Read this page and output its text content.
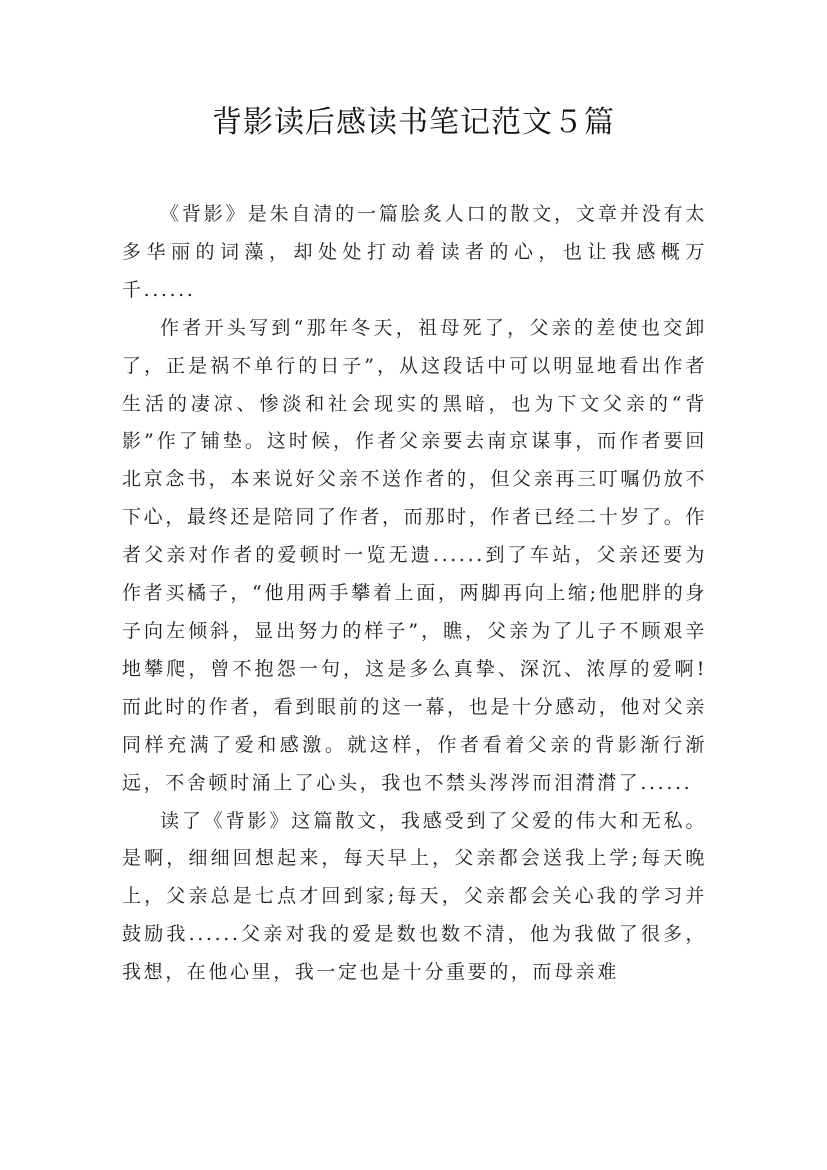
背影读后感读书笔记范文５篇

《背影》是朱自清的一篇脍炙人口的散文，文章并没有太多华丽的词藻，却处处打动着读者的心，也让我感概万千......

作者开头写到“那年冬天，祖母死了，父亲的差使也交卸了，正是祸不单行的日子”，从这段话中可以明显地看出作者生活的凄凉、惨淡和社会现实的黑暗，也为下文父亲的“背影”作了铺垫。这时候，作者父亲要去南京谋事，而作者要回北京念书，本来说好父亲不送作者的，但父亲再三叮嘱仍放不下心，最终还是陪同了作者，而那时，作者已经二十岁了。作者父亲对作者的爱顿时一览无遗......到了车站，父亲还要为作者买橘子，“他用两手攀着上面，两脚再向上缩;他肥胖的身子向左倾斜，显出努力的样子”，瞧，父亲为了儿子不顾艰辛地攀爬，曾不抱怨一句，这是多么真挚、深沉、浓厚的爱啊!而此时的作者，看到眼前的这一幕，也是十分感动，他对父亲同样充满了爱和感激。就这样，作者看着父亲的背影渐行渐远，不舍顿时涌上了心头，我也不禁头涔涔而泪潸潸了......

读了《背影》这篇散文，我感受到了父爱的伟大和无私。是啊，细细回想起来，每天早上，父亲都会送我上学;每天晚上，父亲总是七点才回到家;每天，父亲都会关心我的学习并鼓励我......父亲对我的爱是数也数不清，他为我做了很多，我想，在他心里，我一定也是十分重要的，而母亲难
